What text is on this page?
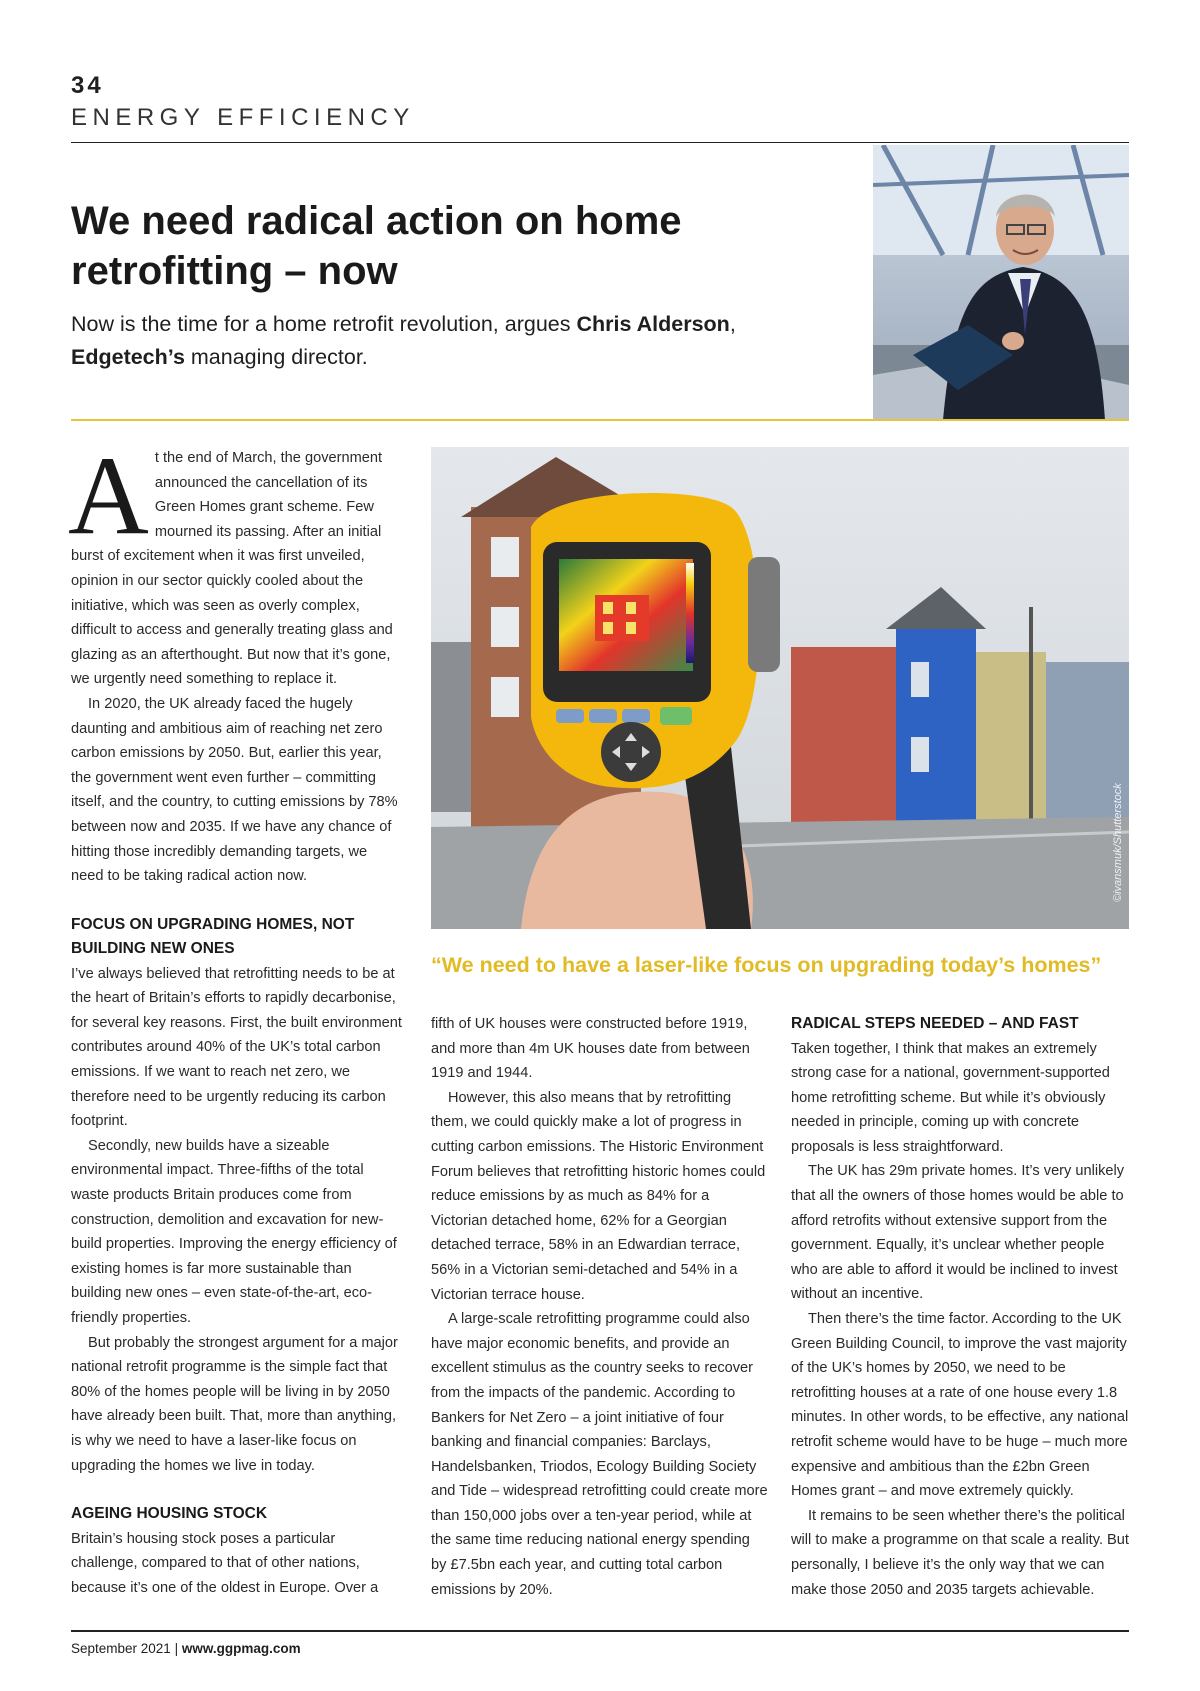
34
ENERGY EFFICIENCY
We need radical action on home retrofitting – now
Now is the time for a home retrofit revolution, argues Chris Alderson,
Edgetech’s managing director.

At the end of March, the government announced the cancellation of its Green Homes grant scheme. Few mourned its passing. After an initial burst of excitement when it was first unveiled, opinion in our sector quickly cooled about the initiative, which was seen as overly complex, difficult to access and generally treating glass and glazing as an afterthought. But now that it’s gone, we urgently need something to replace it.

In 2020, the UK already faced the hugely daunting and ambitious aim of reaching net zero carbon emissions by 2050. But, earlier this year, the government went even further – committing itself, and the country, to cutting emissions by 78% between now and 2035. If we have any chance of hitting those incredibly demanding targets, we need to be taking radical action now.

FOCUS ON UPGRADING HOMES, NOT BUILDING NEW ONES

I’ve always believed that retrofitting needs to be at the heart of Britain’s efforts to rapidly decarbonise, for several key reasons. First, the built environment contributes around 40% of the UK’s total carbon emissions. If we want to reach net zero, we therefore need to be urgently reducing its carbon footprint.

Secondly, new builds have a sizeable environmental impact. Three-fifths of the total waste products Britain produces come from construction, demolition and excavation for new-build properties. Improving the energy efficiency of existing homes is far more sustainable than building new ones – even state-of-the-art, eco-friendly properties.

But probably the strongest argument for a major national retrofit programme is the simple fact that 80% of the homes people will be living in by 2050 have already been built. That, more than anything, is why we need to have a laser-like focus on upgrading the homes we live in today.

AGEING HOUSING STOCK

Britain’s housing stock poses a particular challenge, compared to that of other nations, because it’s one of the oldest in Europe. Over a

©ivansmuk/Shutterstock
“We need to have a laser-like focus on upgrading today’s homes”

fifth of UK houses were constructed before 1919, and more than 4m UK houses date from between 1919 and 1944.

However, this also means that by retrofitting them, we could quickly make a lot of progress in cutting carbon emissions. The Historic Environment Forum believes that retrofitting historic homes could reduce emissions by as much as 84% for a Victorian detached home, 62% for a Georgian detached terrace, 58% in an Edwardian terrace, 56% in a Victorian semi-detached and 54% in a Victorian terrace house.

A large-scale retrofitting programme could also have major economic benefits, and provide an excellent stimulus as the country seeks to recover from the impacts of the pandemic. According to Bankers for Net Zero – a joint initiative of four banking and financial companies: Barclays, Handelsbanken, Triodos, Ecology Building Society and Tide – widespread retrofitting could create more than 150,000 jobs over a ten-year period, while at the same time reducing national energy spending by £7.5bn each year, and cutting total carbon emissions by 20%.

RADICAL STEPS NEEDED – AND FAST

Taken together, I think that makes an extremely strong case for a national, government-supported home retrofitting scheme. But while it’s obviously needed in principle, coming up with concrete proposals is less straightforward.

The UK has 29m private homes. It’s very unlikely that all the owners of those homes would be able to afford retrofits without extensive support from the government. Equally, it’s unclear whether people who are able to afford it would be inclined to invest without an incentive.

Then there’s the time factor. According to the UK Green Building Council, to improve the vast majority of the UK’s homes by 2050, we need to be retrofitting houses at a rate of one house every 1.8 minutes. In other words, to be effective, any national retrofit scheme would have to be huge – much more expensive and ambitious than the £2bn Green Homes grant – and move extremely quickly.

It remains to be seen whether there’s the political will to make a programme on that scale a reality. But personally, I believe it’s the only way that we can make those 2050 and 2035 targets achievable.

September 2021 | www.ggpmag.com
